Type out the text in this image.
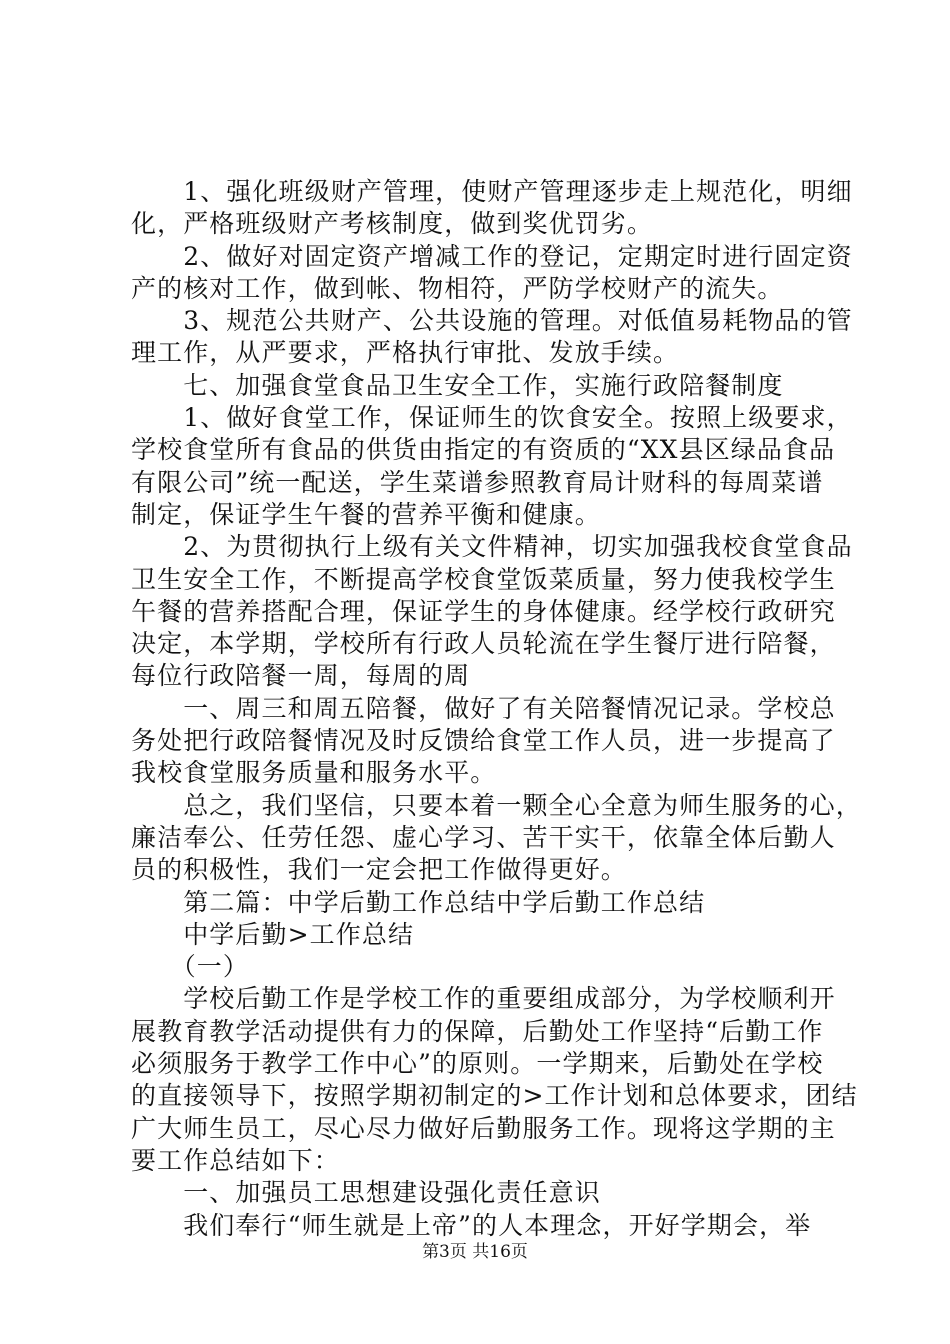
　　1、强化班级财产管理，使财产管理逐步走上规范化，明细
化，严格班级财产考核制度，做到奖优罚劣。
　　2、做好对固定资产增减工作的登记，定期定时进行固定资
产的核对工作，做到帐、物相符，严防学校财产的流失。
　　3、规范公共财产、公共设施的管理。对低值易耗物品的管
理工作，从严要求，严格执行审批、发放手续。
　　七、加强食堂食品卫生安全工作，实施行政陪餐制度
　　1、做好食堂工作，保证师生的饮食安全。按照上级要求，
学校食堂所有食品的供货由指定的有资质的“XX县区绿品食品
有限公司”统一配送，学生菜谱参照教育局计财科的每周菜谱
制定，保证学生午餐的营养平衡和健康。
　　2、为贯彻执行上级有关文件精神，切实加强我校食堂食品
卫生安全工作，不断提高学校食堂饭菜质量，努力使我校学生
午餐的营养搭配合理，保证学生的身体健康。经学校行政研究
决定，本学期，学校所有行政人员轮流在学生餐厅进行陪餐，
每位行政陪餐一周，每周的周
　　一、周三和周五陪餐，做好了有关陪餐情况记录。学校总
务处把行政陪餐情况及时反馈给食堂工作人员，进一步提高了
我校食堂服务质量和服务水平。
　　总之，我们坚信，只要本着一颗全心全意为师生服务的心，
廉洁奉公、任劳任怨、虚心学习、苦干实干，依靠全体后勤人
员的积极性，我们一定会把工作做得更好。
　　第二篇：中学后勤工作总结中学后勤工作总结
　　中学后勤>工作总结
　　（一）
　　学校后勤工作是学校工作的重要组成部分，为学校顺利开
展教育教学活动提供有力的保障，后勤处工作坚持“后勤工作
必须服务于教学工作中心”的原则。一学期来，后勤处在学校
的直接领导下，按照学期初制定的>工作计划和总体要求，团结
广大师生员工，尽心尽力做好后勤服务工作。现将这学期的主
要工作总结如下：
　　一、加强员工思想建设强化责任意识
　　我们奉行“师生就是上帝”的人本理念，开好学期会，举
第3页 共16页
